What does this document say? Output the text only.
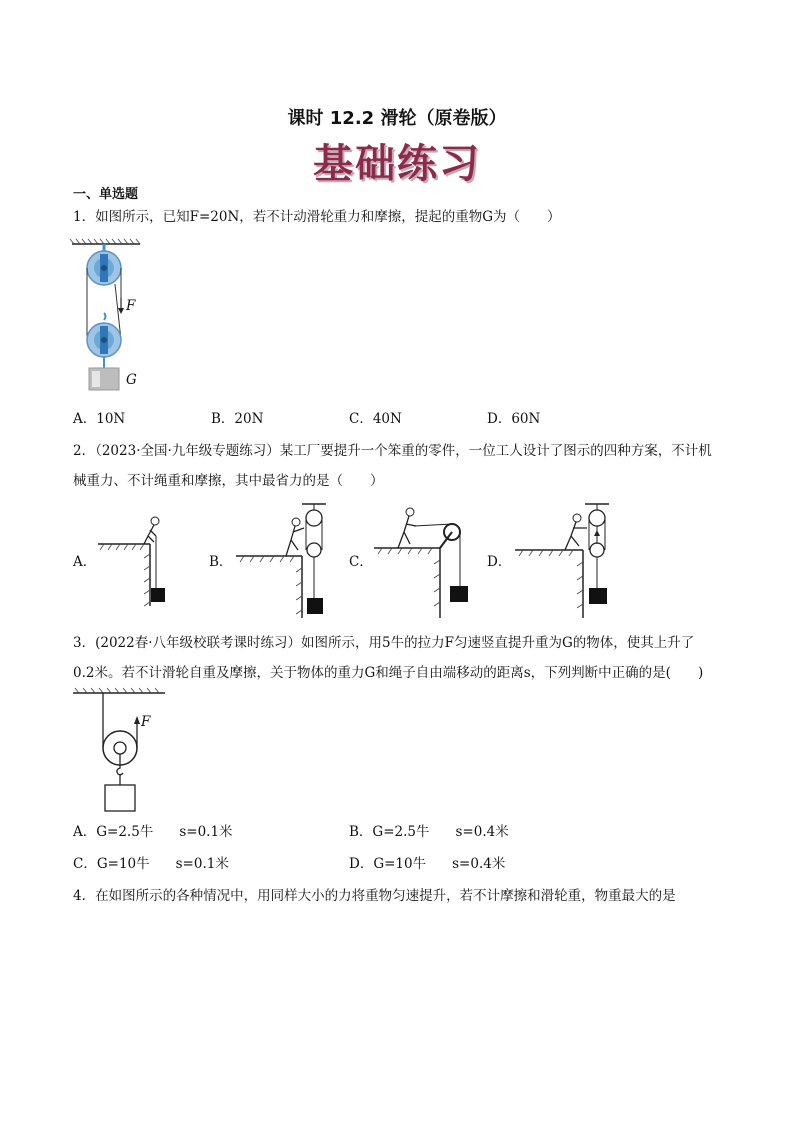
课时 12.2 滑轮（原卷版）
基础练习
一、单选题
1．如图所示，已知F=20N，若不计动滑轮重力和摩擦，提起的重物G为（　　）
F
G
A．10N	B．20N	C．40N	D．60N
2．（2023·全国·九年级专题练习）某工厂要提升一个笨重的零件，一位工人设计了图示的四种方案，不计机
械重力、不计绳重和摩擦，其中最省力的是（　　）
A．	B．	C．	D．
3．(2022春·八年级校联考课时练习）如图所示，用5牛的拉力F匀速竖直提升重为G的物体，使其上升了
0.2米。若不计滑轮自重及摩擦，关于物体的重力G和绳子自由端移动的距离s，下列判断中正确的是(　　)
F
A．G=2.5牛 s=0.1米	B．G=2.5牛 s=0.4米
C．G=10牛 s=0.1米	D．G=10牛 s=0.4米
4．在如图所示的各种情况中，用同样大小的力将重物匀速提升，若不计摩擦和滑轮重，物重最大的是
